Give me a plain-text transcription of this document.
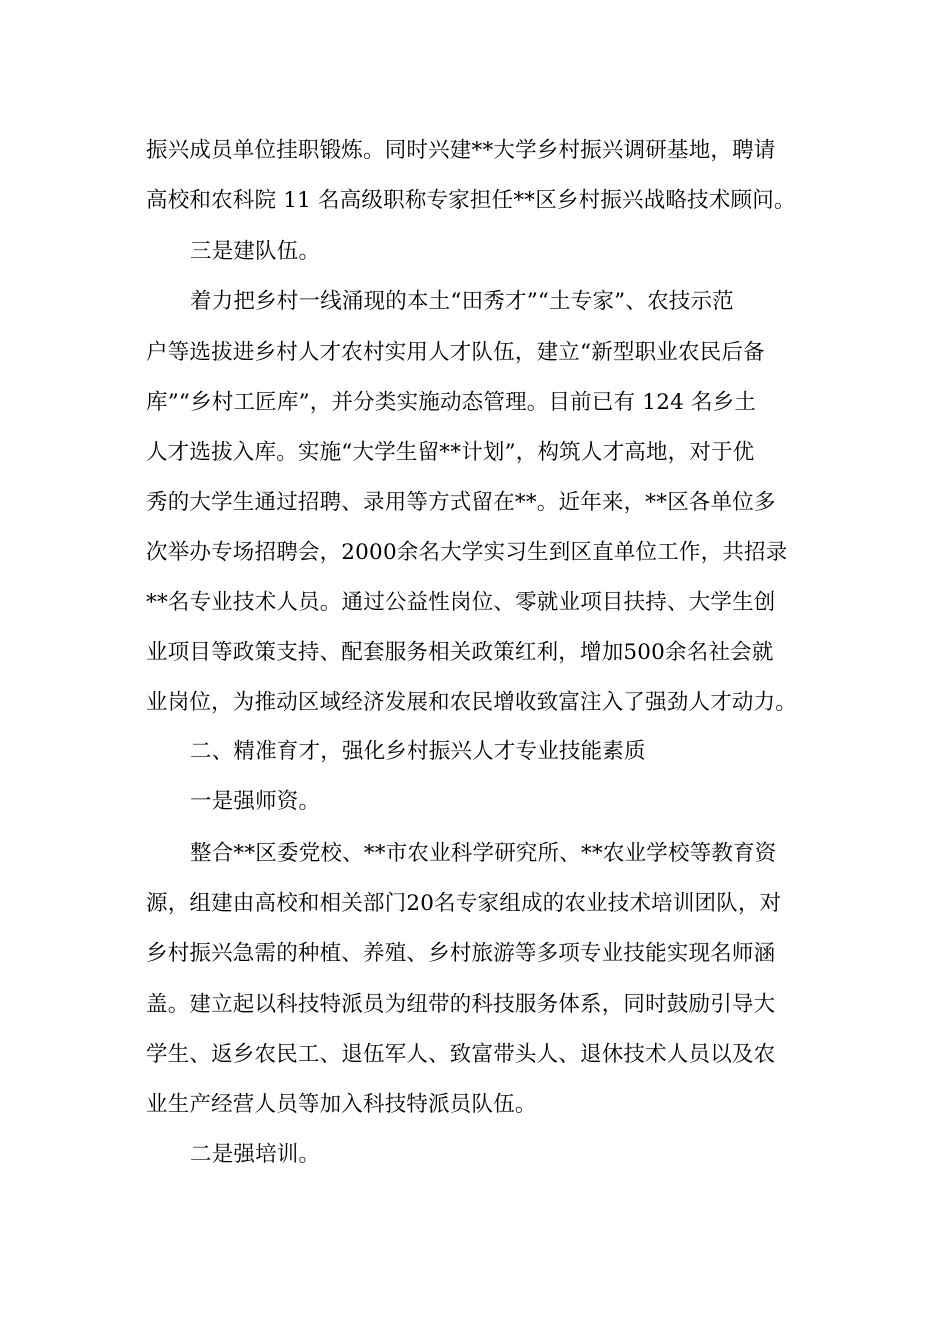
振兴成员单位挂职锻炼。同时兴建**大学乡村振兴调研基地，聘请
高校和农科院 11 名高级职称专家担任**区乡村振兴战略技术顾问。
三是建队伍。
着力把乡村一线涌现的本土“田秀才”“土专家”、农技示范
户等选拔进乡村人才农村实用人才队伍，建立“新型职业农民后备
库”“乡村工匠库”，并分类实施动态管理。目前已有 124 名乡土
人才选拔入库。实施“大学生留**计划”，构筑人才高地，对于优
秀的大学生通过招聘、录用等方式留在**。近年来，**区各单位多
次举办专场招聘会，2000余名大学实习生到区直单位工作，共招录
**名专业技术人员。通过公益性岗位、零就业项目扶持、大学生创
业项目等政策支持、配套服务相关政策红利，增加500余名社会就
业岗位，为推动区域经济发展和农民增收致富注入了强劲人才动力。
二、精准育才，强化乡村振兴人才专业技能素质
一是强师资。
整合**区委党校、**市农业科学研究所、**农业学校等教育资
源，组建由高校和相关部门20名专家组成的农业技术培训团队，对
乡村振兴急需的种植、养殖、乡村旅游等多项专业技能实现名师涵
盖。建立起以科技特派员为纽带的科技服务体系，同时鼓励引导大
学生、返乡农民工、退伍军人、致富带头人、退休技术人员以及农
业生产经营人员等加入科技特派员队伍。
二是强培训。
